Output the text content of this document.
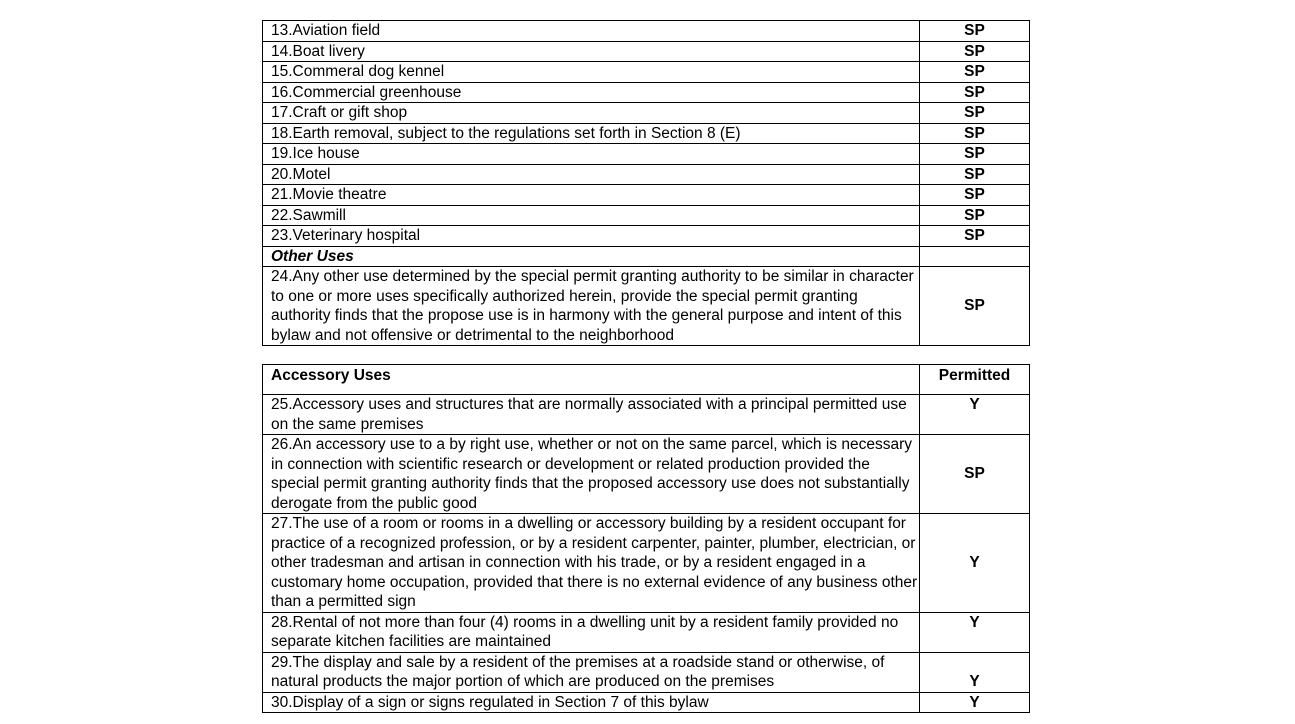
13.Aviation field	SP
14.Boat livery	SP
15.Commeral dog kennel	SP
16.Commercial greenhouse	SP
17.Craft or gift shop	SP
18.Earth removal, subject to the regulations set forth in Section 8 (E)	SP
19.Ice house	SP
20.Motel	SP
21.Movie theatre	SP
22.Sawmill	SP
23.Veterinary hospital	SP
Other Uses	
24.Any other use determined by the special permit granting authority to be similar in character to one or more uses specifically authorized herein, provide the special permit granting authority finds that the propose use is in harmony with the general purpose and intent of this bylaw and not offensive or detrimental to the neighborhood	SP
Accessory Uses	Permitted
25.Accessory uses and structures that are normally associated with a principal permitted use on the same premises	Y
26.An accessory use to a by right use, whether or not on the same parcel, which is necessary in connection with scientific research or development or related production provided the special permit granting authority finds that the proposed accessory use does not substantially derogate from the public good	SP
27.The use of a room or rooms in a dwelling or accessory building by a resident occupant for practice of a recognized profession, or by a resident carpenter, painter, plumber, electrician, or other tradesman and artisan in connection with his trade, or by a resident engaged in a customary home occupation, provided that there is no external evidence of any business other than a permitted sign	Y
28.Rental of not more than four (4) rooms in a dwelling unit by a resident family provided no separate kitchen facilities are maintained	Y
29.The display and sale by a resident of the premises at a roadside stand or otherwise, of natural products the major portion of which are produced on the premises	Y
30.Display of a sign or signs regulated in Section 7 of this bylaw	Y
